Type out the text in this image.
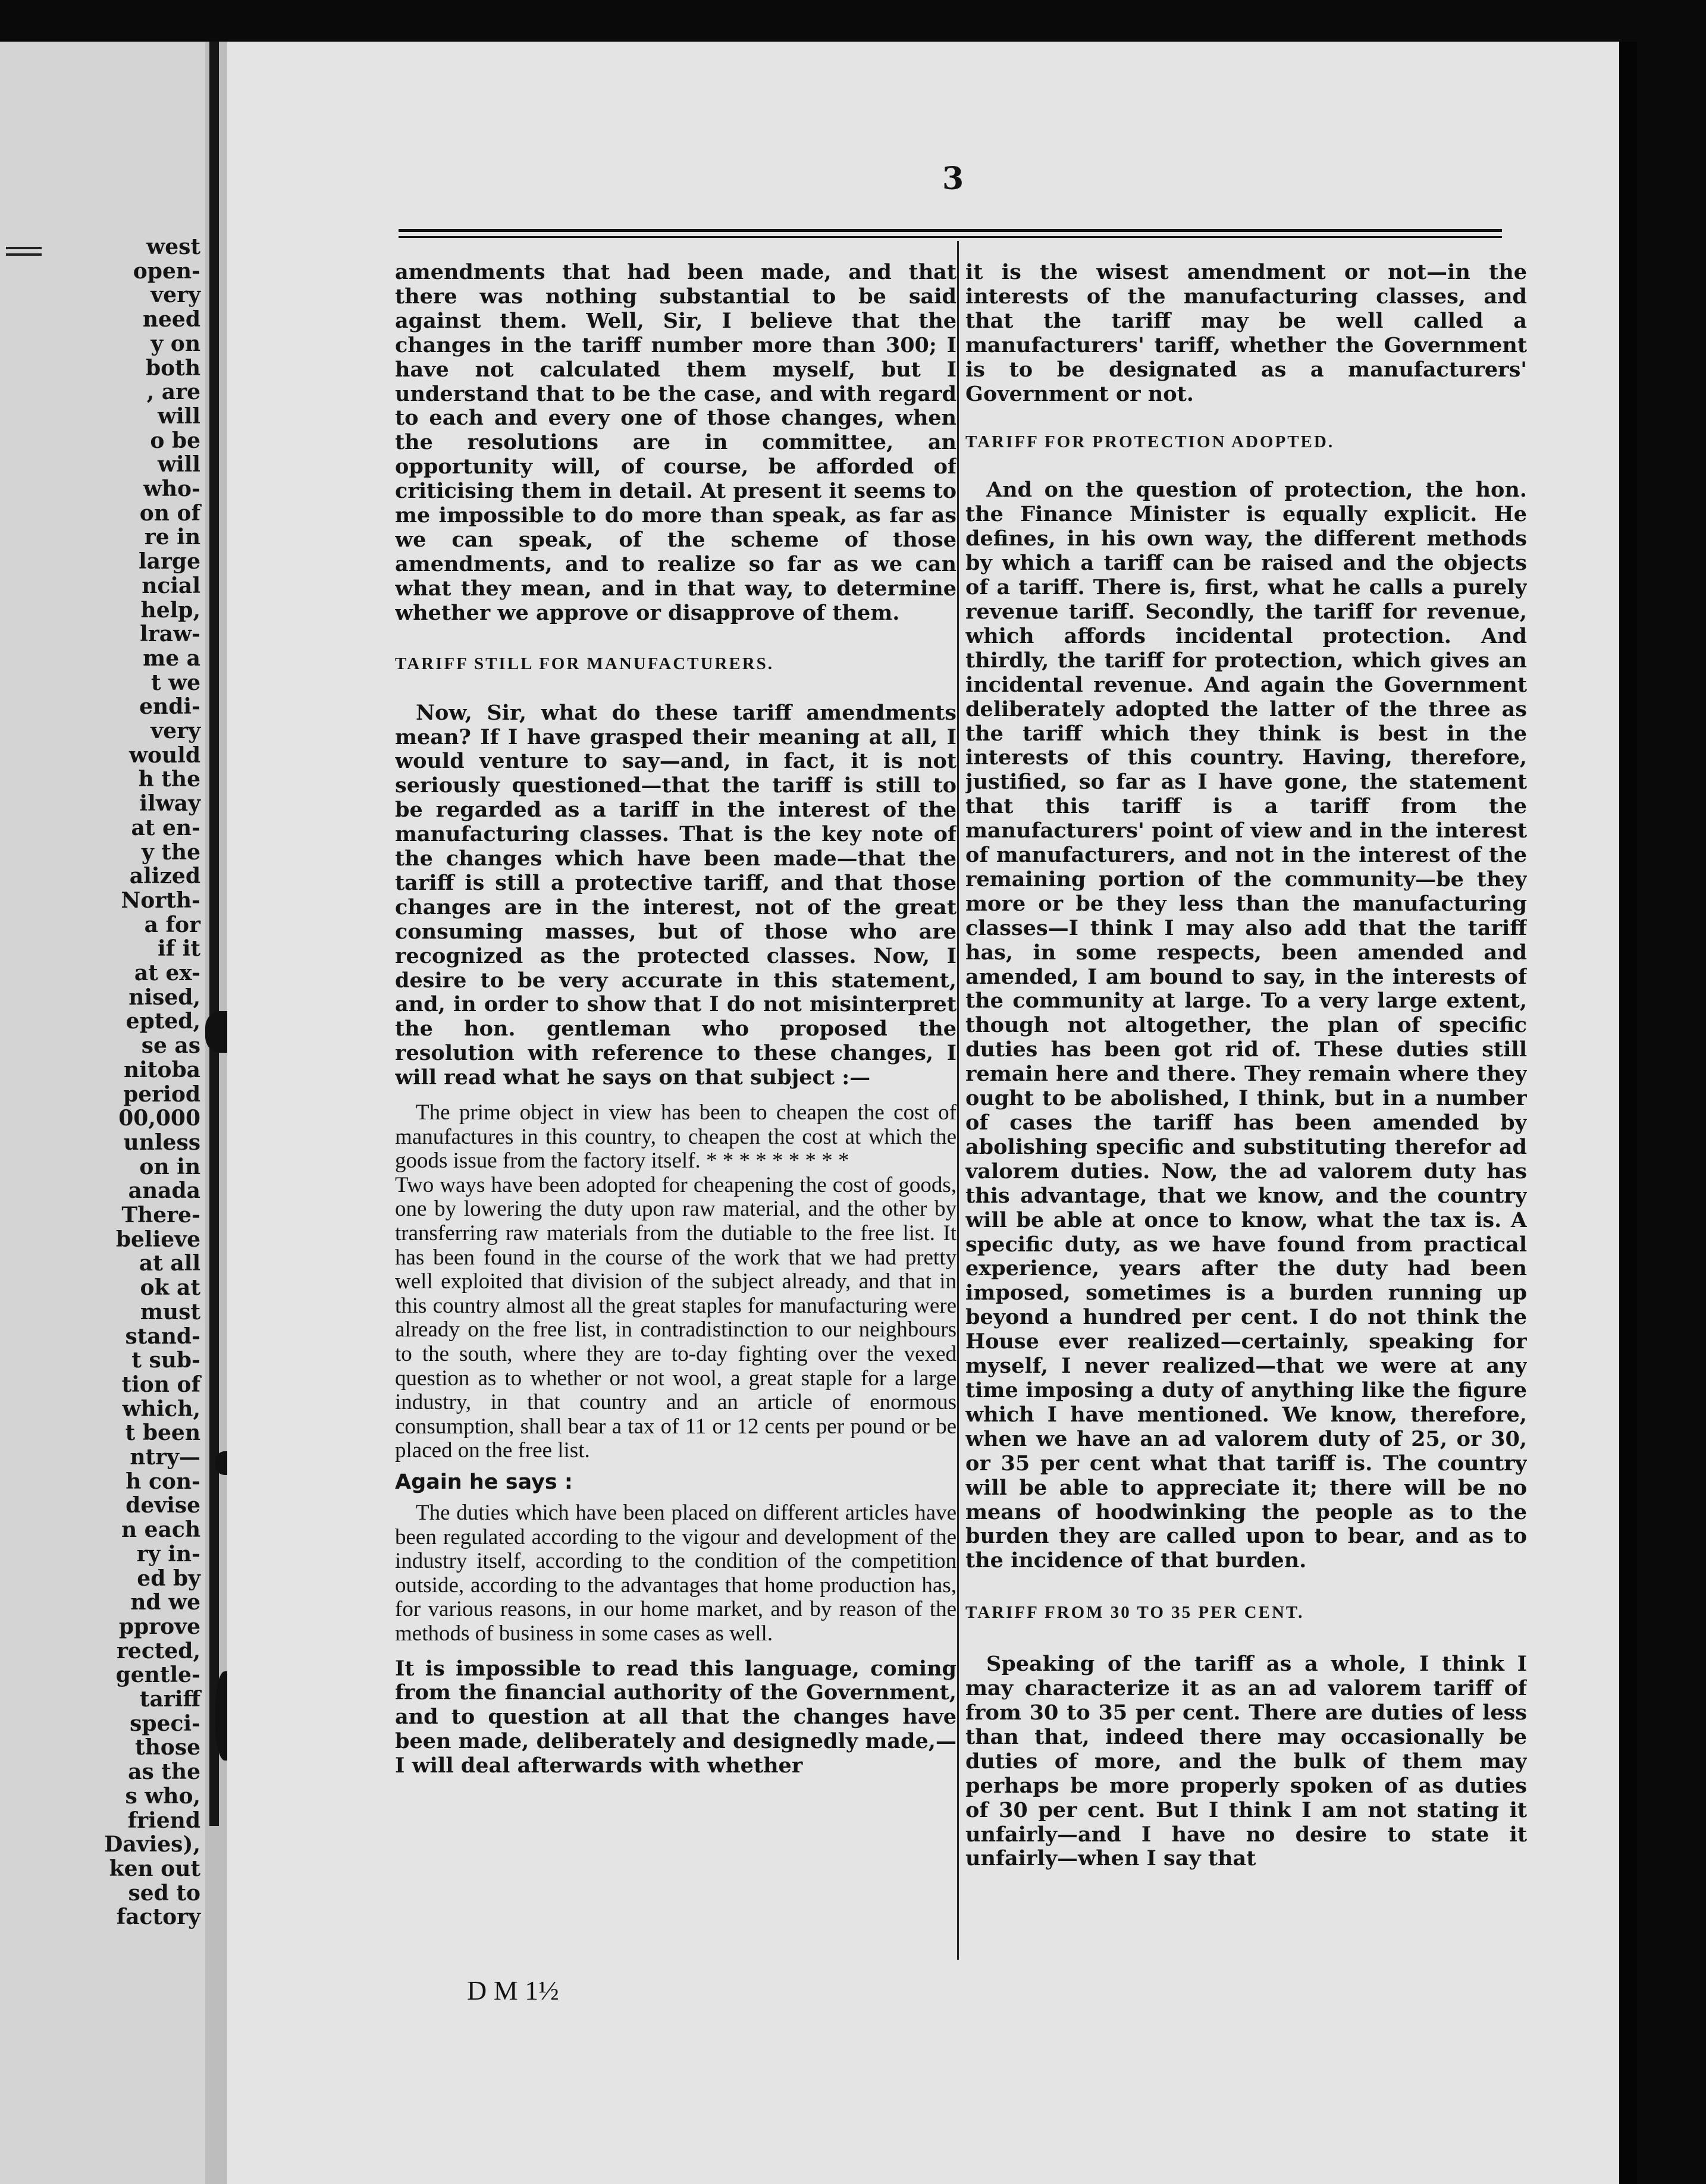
west

open-

very

need

y on

both

, are

will

o be

will

who-

on of

re in

large

ncial

help,

lraw-

me a

t we

endi-

very

would

h the

ilway

at en-

y the

alized

North-

a for

if it

at ex-

nised,

epted,

se as

nitoba

period

00,000

unless

on in

anada

There-

believe

at all

ok at

must

stand-

t sub-

tion of

which,

t been

ntry—

h con-

devise

n each

ry in-

ed by

nd we

pprove

rected,

gentle-

tariff

speci-

those

as the

s who,

friend

Davies),

ken out

sed to

factory

3

amendments that had been made, and that there was nothing substantial to be said against them. Well, Sir, I believe that the changes in the tariff number more than 300; I have not calculated them myself, but I understand that to be the case, and with regard to each and every one of those changes, when the resolutions are in committee, an opportunity will, of course, be afforded of criticising them in detail. At present it seems to me impossible to do more than speak, as far as we can speak, of the scheme of those amendments, and to realize so far as we can what they mean, and in that way, to determine whether we approve or disapprove of them.

TARIFF STILL FOR MANUFACTURERS.

Now, Sir, what do these tariff amendments mean? If I have grasped their meaning at all, I would venture to say—and, in fact, it is not seriously questioned—that the tariff is still to be regarded as a tariff in the interest of the manufacturing classes. That is the key note of the changes which have been made—that the tariff is still a protective tariff, and that those changes are in the interest, not of the great consuming masses, but of those who are recognized as the protected classes. Now, I desire to be very accurate in this statement, and, in order to show that I do not misinterpret the hon. gentleman who proposed the resolution with reference to these changes, I will read what he says on that subject :—

The prime object in view has been to cheapen the cost of manufactures in this country, to cheapen the cost at which the goods issue from the factory itself. * * * * * * * * *

Two ways have been adopted for cheapening the cost of goods, one by lowering the duty upon raw material, and the other by transferring raw materials from the dutiable to the free list. It has been found in the course of the work that we had pretty well exploited that division of the subject already, and that in this country almost all the great staples for manufacturing were already on the free list, in contradistinction to our neighbours to the south, where they are to-day fighting over the vexed question as to whether or not wool, a great staple for a large industry, in that country and an article of enormous consumption, shall bear a tax of 11 or 12 cents per pound or be placed on the free list.

Again he says :

The duties which have been placed on different articles have been regulated according to the vigour and development of the industry itself, according to the condition of the competition outside, according to the advantages that home production has, for various reasons, in our home market, and by reason of the methods of business in some cases as well.

It is impossible to read this language, coming from the financial authority of the Government, and to question at all that the changes have been made, deliberately and designedly made,—I will deal afterwards with whether

it is the wisest amendment or not—in the interests of the manufacturing classes, and that the tariff may be well called a manufacturers' tariff, whether the Government is to be designated as a manufacturers' Government or not.

TARIFF FOR PROTECTION ADOPTED.

And on the question of protection, the hon. the Finance Minister is equally explicit. He defines, in his own way, the different methods by which a tariff can be raised and the objects of a tariff. There is, first, what he calls a purely revenue tariff. Secondly, the tariff for revenue, which affords incidental protection. And thirdly, the tariff for protection, which gives an incidental revenue. And again the Government deliberately adopted the latter of the three as the tariff which they think is best in the interests of this country. Having, therefore, justified, so far as I have gone, the statement that this tariff is a tariff from the manufacturers' point of view and in the interest of manufacturers, and not in the interest of the remaining portion of the community—be they more or be they less than the manufacturing classes—I think I may also add that the tariff has, in some respects, been amended and amended, I am bound to say, in the interests of the community at large. To a very large extent, though not altogether, the plan of specific duties has been got rid of. These duties still remain here and there. They remain where they ought to be abolished, I think, but in a number of cases the tariff has been amended by abolishing specific and substituting therefor ad valorem duties. Now, the ad valorem duty has this advantage, that we know, and the country will be able at once to know, what the tax is. A specific duty, as we have found from practical experience, years after the duty had been imposed, sometimes is a burden running up beyond a hundred per cent. I do not think the House ever realized—certainly, speaking for myself, I never realized—that we were at any time imposing a duty of anything like the figure which I have mentioned. We know, therefore, when we have an ad valorem duty of 25, or 30, or 35 per cent what that tariff is. The country will be able to appreciate it; there will be no means of hoodwinking the people as to the burden they are called upon to bear, and as to the incidence of that burden.

TARIFF FROM 30 TO 35 PER CENT.

Speaking of the tariff as a whole, I think I may characterize it as an ad valorem tariff of from 30 to 35 per cent. There are duties of less than that, indeed there may occasionally be duties of more, and the bulk of them may perhaps be more properly spoken of as duties of 30 per cent. But I think I am not stating it unfairly—and I have no desire to state it unfairly—when I say that

D M 1½
